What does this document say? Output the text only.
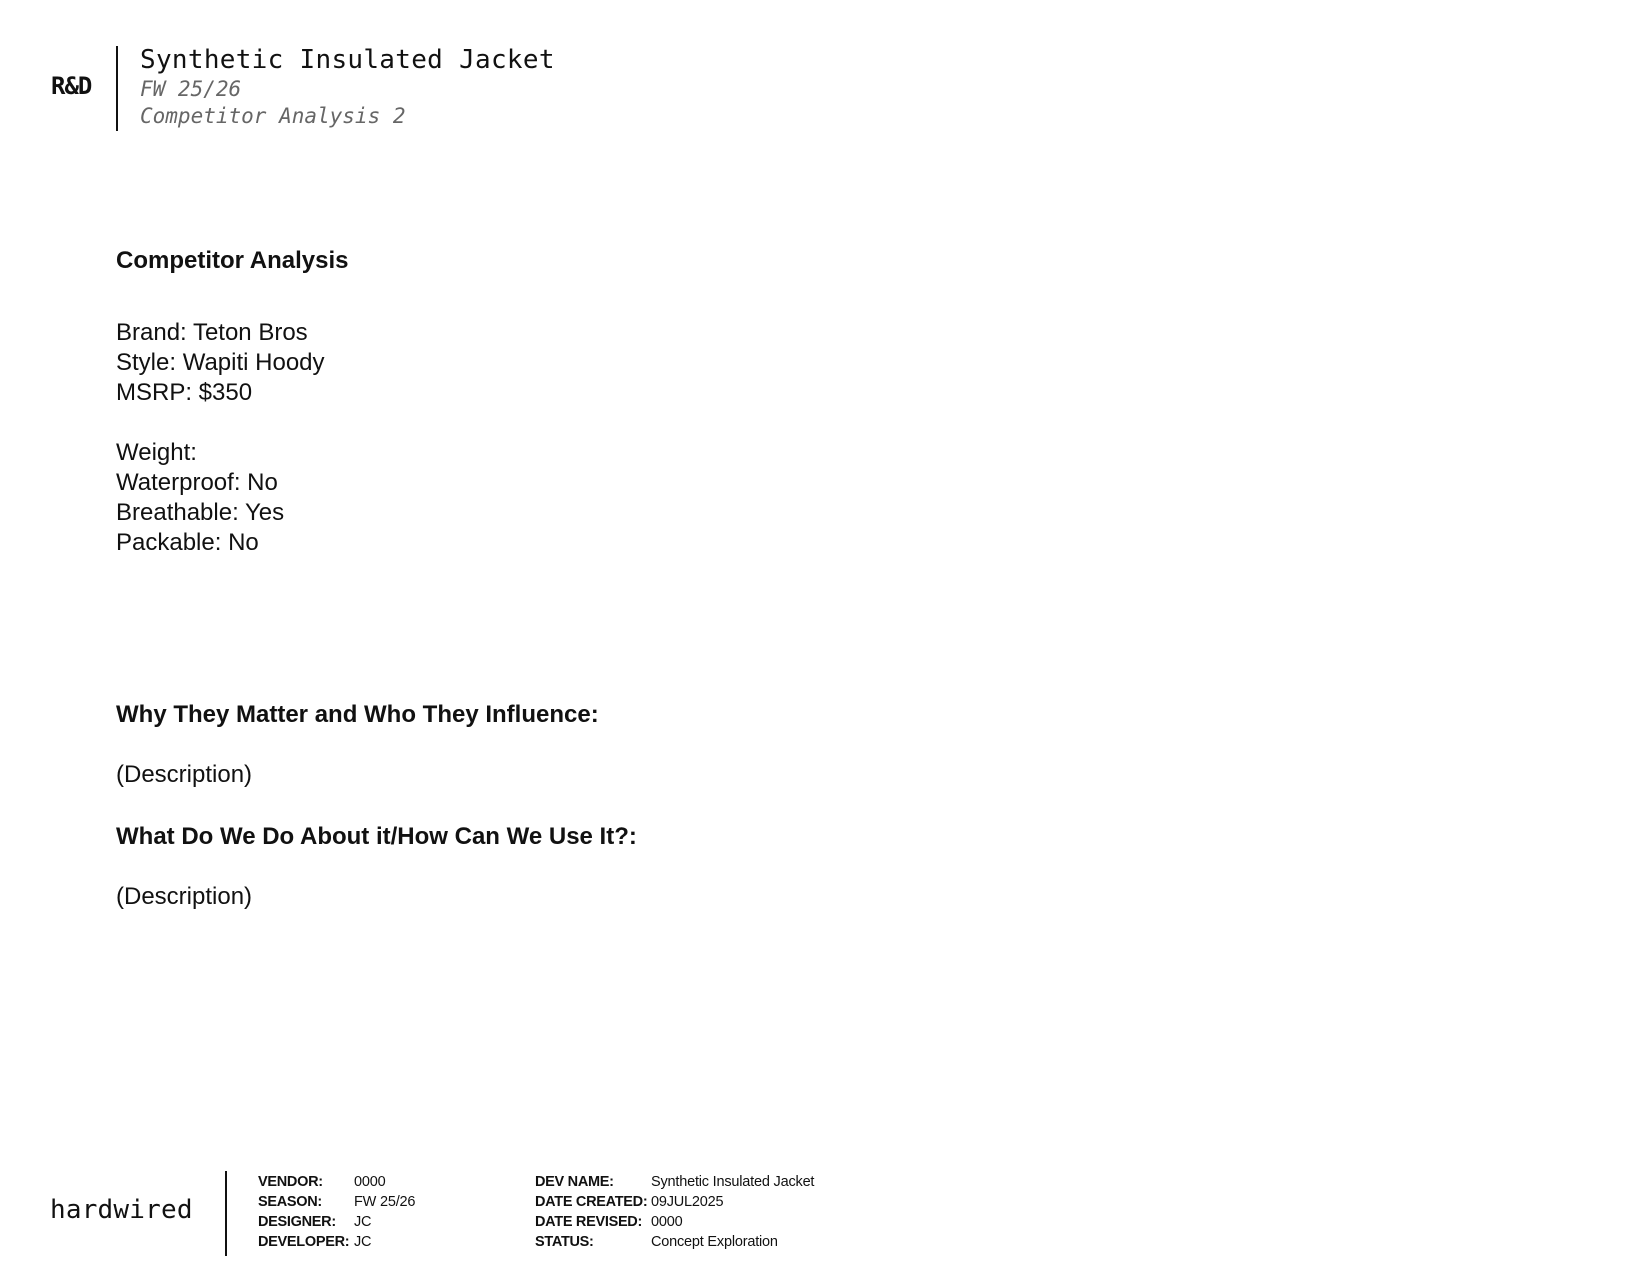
R&D
Synthetic Insulated Jacket
FW 25/26
Competitor Analysis 2
Competitor Analysis
Brand: Teton Bros
Style: Wapiti Hoody
MSRP: $350
Weight:
Waterproof: No
Breathable: Yes
Packable: No
Why They Matter and Who They Influence:
(Description)
What Do We Do About it/How Can We Use It?:
(Description)
hardwired
VENDOR:	0000
SEASON:	FW 25/26
DESIGNER:	JC
DEVELOPER: JC
DEV NAME:	Synthetic Insulated Jacket
DATE CREATED: 09JUL2025
DATE REVISED: 0000
STATUS:	Concept Exploration
